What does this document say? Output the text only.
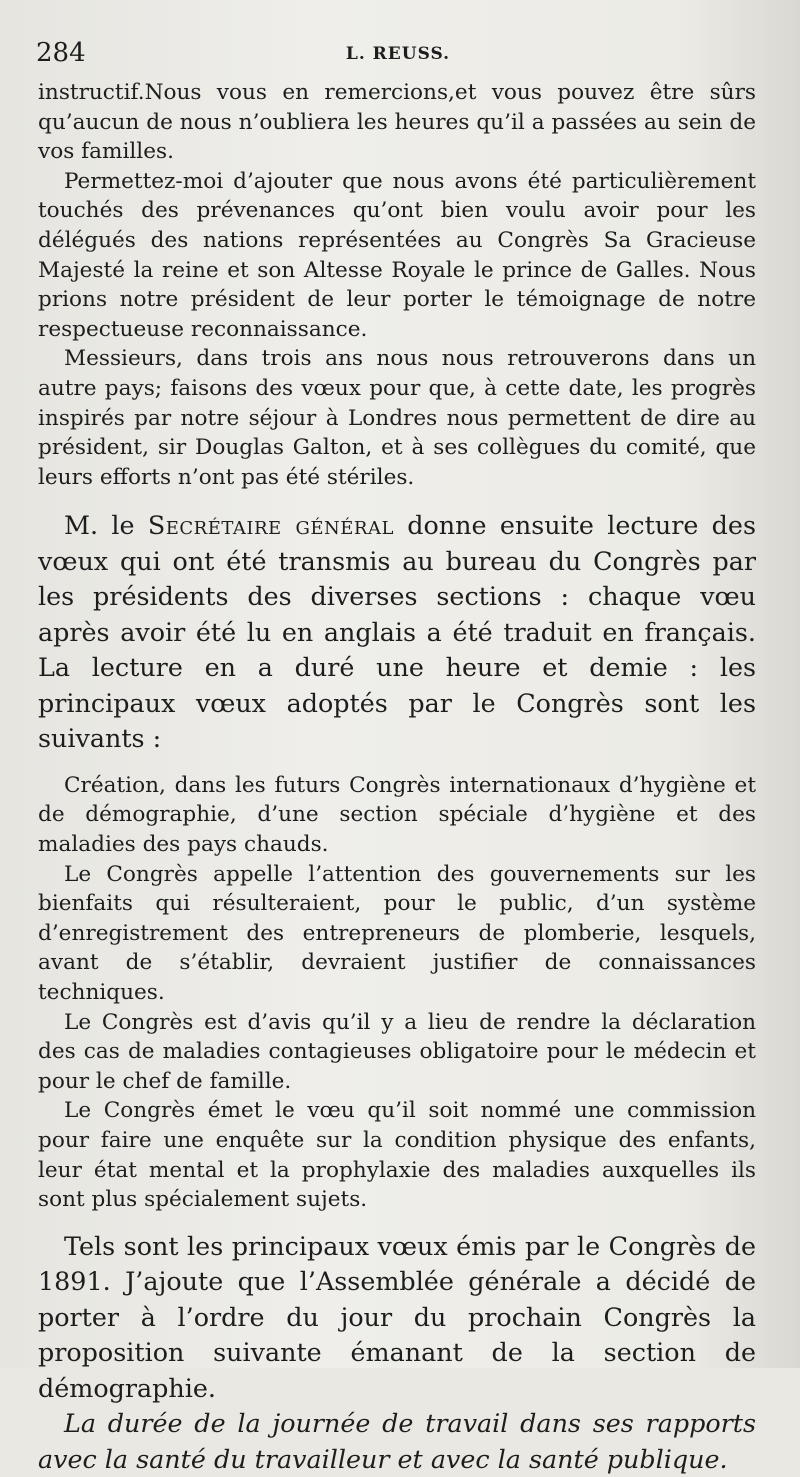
284	L. REUSS.

instructif.Nous vous en remercions,et vous pouvez être sûrs qu’aucun de nous n’oubliera les heures qu’il a passées au sein de vos familles.

Permettez-moi d’ajouter que nous avons été particulièrement touchés des prévenances qu’ont bien voulu avoir pour les délégués des nations représentées au Congrès Sa Gracieuse Majesté la reine et son Altesse Royale le prince de Galles. Nous prions notre président de leur porter le témoignage de notre respectueuse reconnaissance.

Messieurs, dans trois ans nous nous retrouverons dans un autre pays; faisons des vœux pour que, à cette date, les progrès inspirés par notre séjour à Londres nous permettent de dire au président, sir Douglas Galton, et à ses collègues du comité, que leurs efforts n’ont pas été stériles.

M. le Secrétaire général donne ensuite lecture des vœux qui ont été transmis au bureau du Congrès par les présidents des diverses sections : chaque vœu après avoir été lu en anglais a été traduit en français. La lecture en a duré une heure et demie : les principaux vœux adoptés par le Congrès sont les suivants :

Création, dans les futurs Congrès internationaux d’hygiène et de démographie, d’une section spéciale d’hygiène et des maladies des pays chauds.

Le Congrès appelle l’attention des gouvernements sur les bienfaits qui résulteraient, pour le public, d’un système d’enregistrement des entrepreneurs de plomberie, lesquels, avant de s’établir, devraient justifier de connaissances techniques.

Le Congrès est d’avis qu’il y a lieu de rendre la déclaration des cas de maladies contagieuses obligatoire pour le médecin et pour le chef de famille.

Le Congrès émet le vœu qu’il soit nommé une commission pour faire une enquête sur la condition physique des enfants, leur état mental et la prophylaxie des maladies auxquelles ils sont plus spécialement sujets.

Tels sont les principaux vœux émis par le Congrès de 1891. J’ajoute que l’Assemblée générale a décidé de porter à l’ordre du jour du prochain Congrès la proposition suivante émanant de la section de démographie.

La durée de la journée de travail dans ses rapports avec la santé du travailleur et avec la santé publique.
